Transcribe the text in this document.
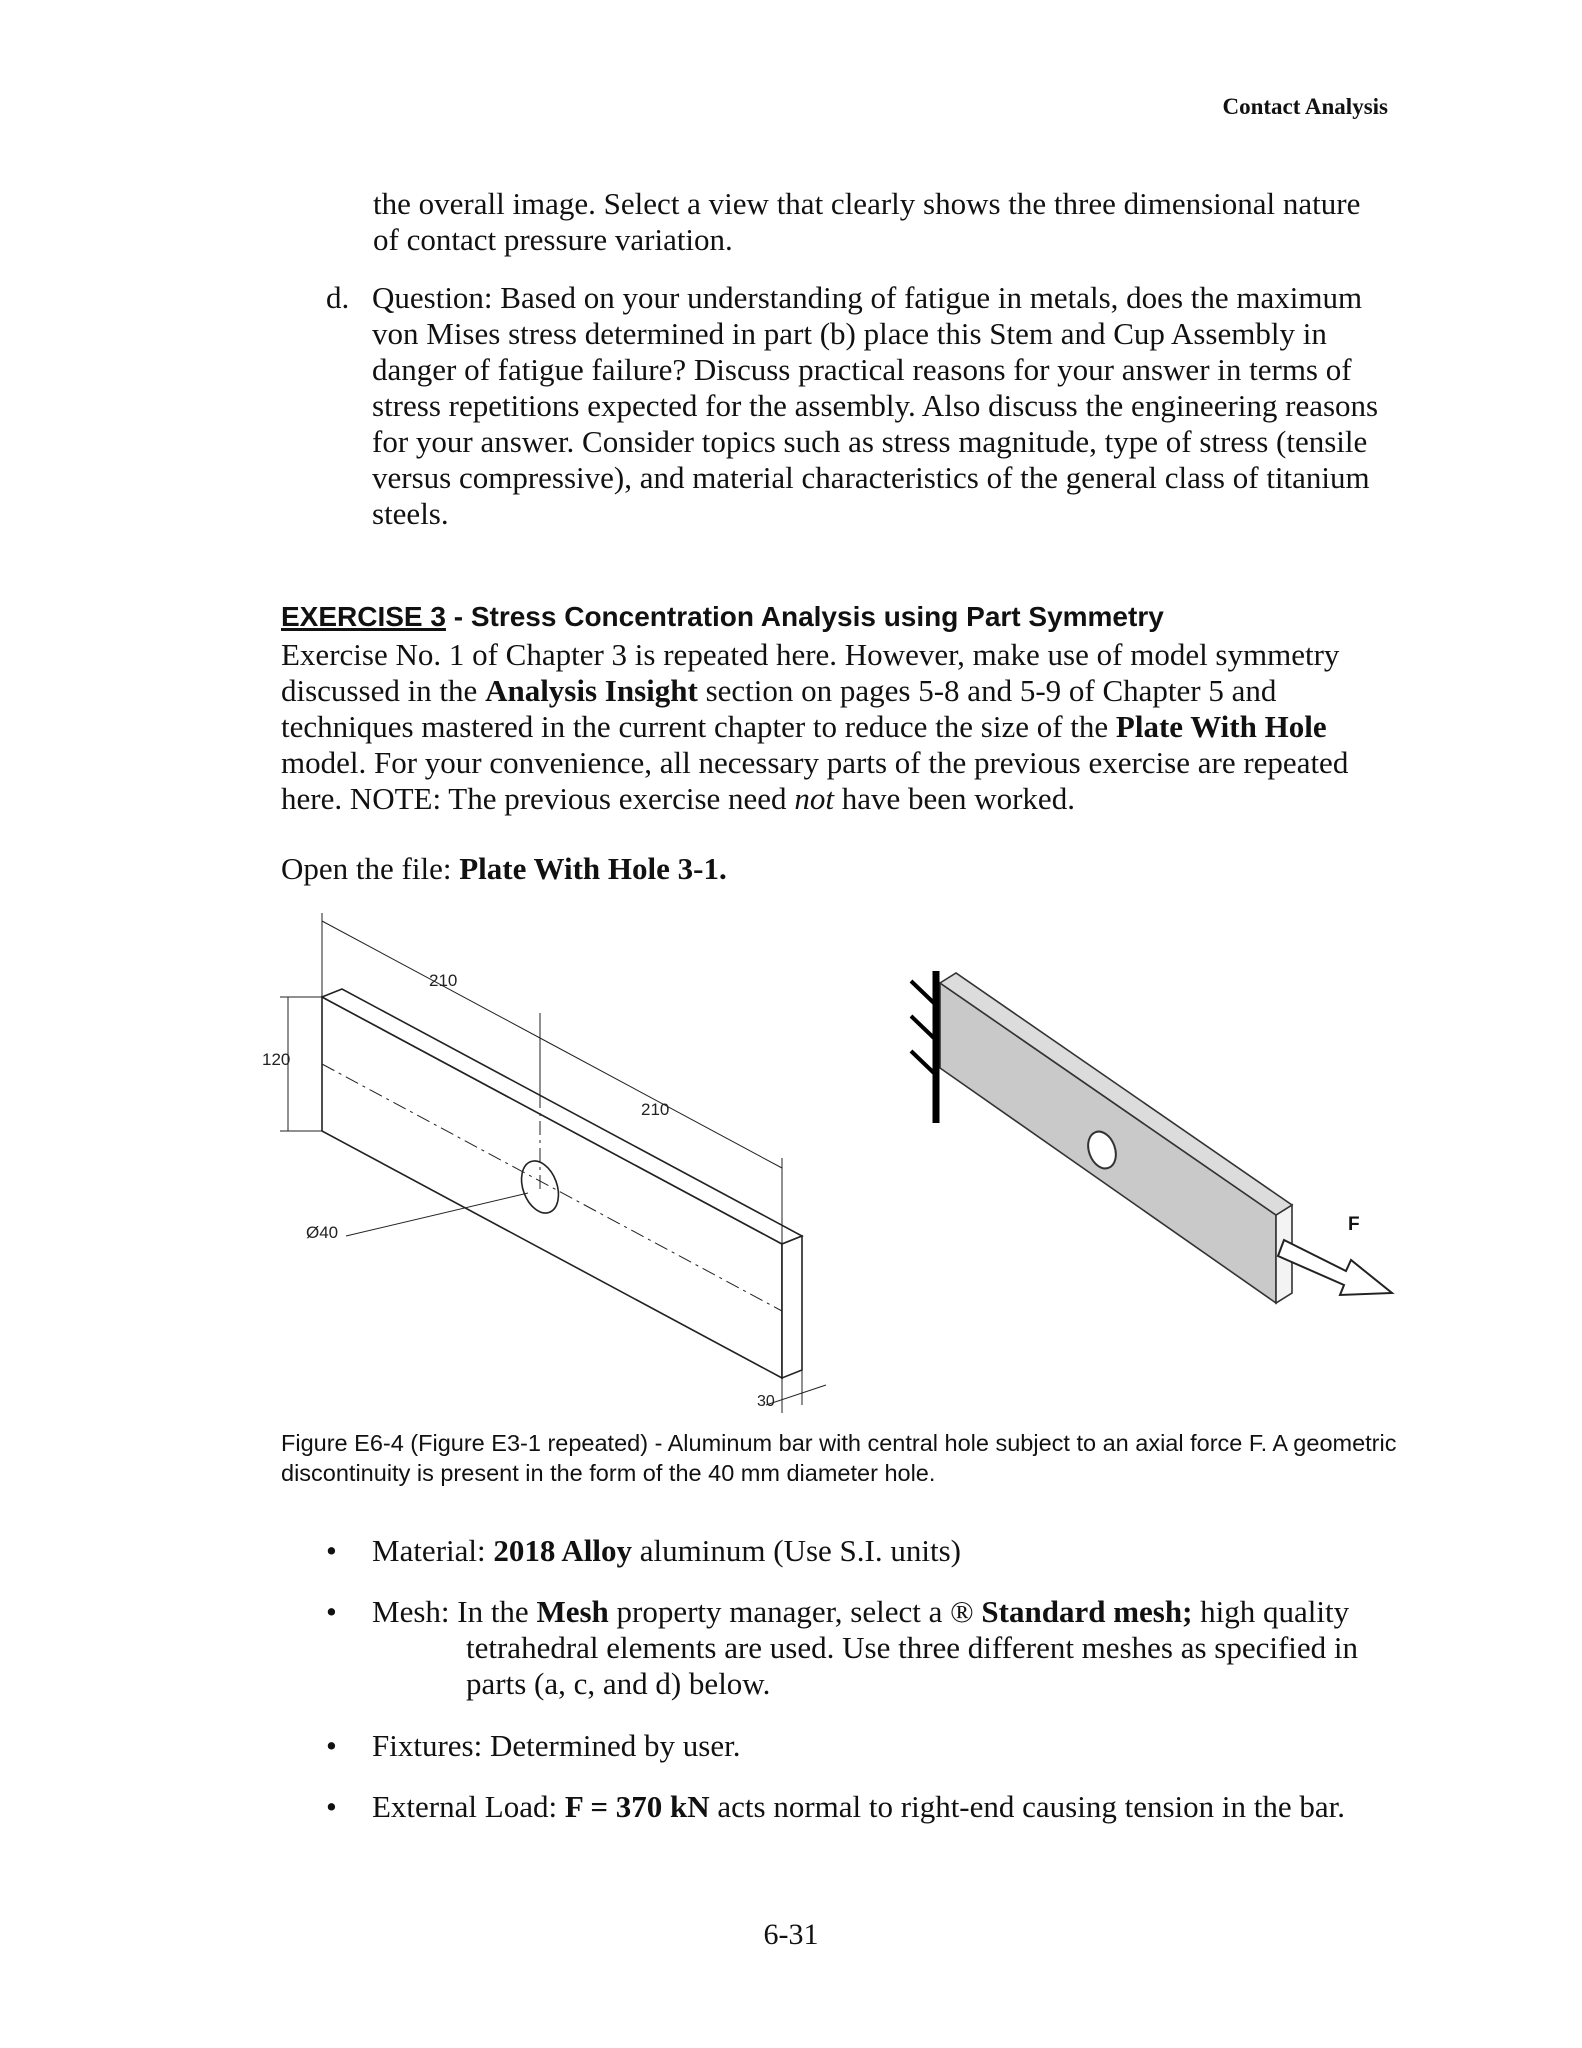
Contact Analysis
the overall image. Select a view that clearly shows the three dimensional nature of contact pressure variation.
d. Question: Based on your understanding of fatigue in metals, does the maximum von Mises stress determined in part (b) place this Stem and Cup Assembly in danger of fatigue failure? Discuss practical reasons for your answer in terms of stress repetitions expected for the assembly. Also discuss the engineering reasons for your answer. Consider topics such as stress magnitude, type of stress (tensile versus compressive), and material characteristics of the general class of titanium steels.
EXERCISE 3 - Stress Concentration Analysis using Part Symmetry
Exercise No. 1 of Chapter 3 is repeated here. However, make use of model symmetry discussed in the Analysis Insight section on pages 5-8 and 5-9 of Chapter 5 and techniques mastered in the current chapter to reduce the size of the Plate With Hole model. For your convenience, all necessary parts of the previous exercise are repeated here. NOTE: The previous exercise need not have been worked.
Open the file: Plate With Hole 3-1.
210
210
120
30
Ø40	F
Figure E6-4 (Figure E3-1 repeated) - Aluminum bar with central hole subject to an axial force F. A geometric discontinuity is present in the form of the 40 mm diameter hole.
• Material: 2018 Alloy aluminum (Use S.I. units)
• Mesh: In the Mesh property manager, select a ® Standard mesh; high quality
tetrahedral elements are used. Use three different meshes as specified in parts (a, c, and d) below.
• Fixtures: Determined by user.
• External Load: F = 370 kN acts normal to right-end causing tension in the bar.
6-31
